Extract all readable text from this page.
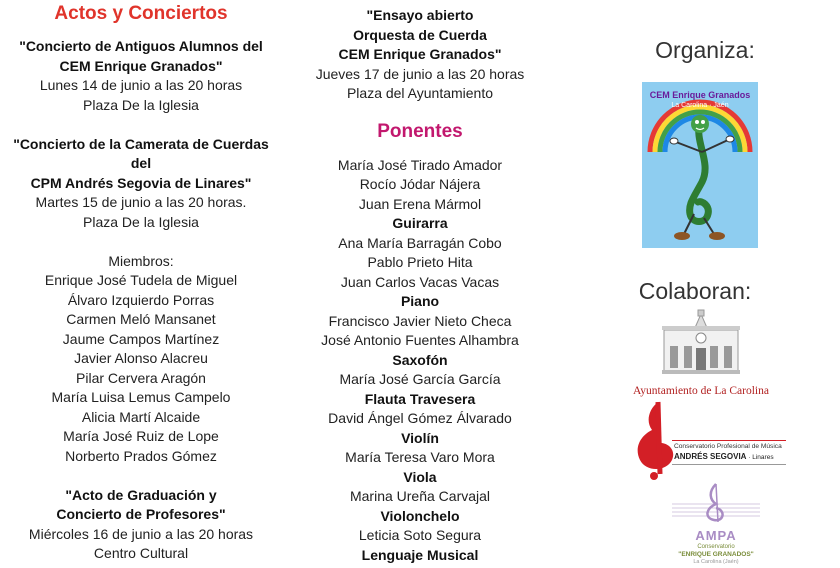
Actos y Conciertos
"Concierto de Antiguos Alumnos del
CEM Enrique Granados"
Lunes 14 de junio a las 20 horas
Plaza De la Iglesia
"Concierto de la Camerata de Cuerdas
del
CPM Andrés Segovia de Linares"
Martes 15 de junio a las 20 horas.
Plaza De la Iglesia
Miembros:
Enrique José Tudela de Miguel
Álvaro Izquierdo Porras
Carmen Meló Mansanet
Jaume Campos Martínez
Javier Alonso Alacreu
Pilar Cervera Aragón
María Luisa Lemus Campelo
Alicia Martí Alcaide
María José Ruiz de Lope
Norberto Prados Gómez
"Acto de Graduación y
Concierto de Profesores"
Miércoles 16 de junio a las 20 horas
Centro Cultural
"Ensayo abierto
Orquesta de Cuerda
CEM Enrique Granados"
Jueves 17 de junio a las 20 horas
Plaza del Ayuntamiento
Ponentes
María José Tirado Amador
Rocío Jódar Nájera
Juan Erena Mármol
Guirarra
Ana María Barragán Cobo
Pablo Prieto Hita
Juan Carlos Vacas Vacas
Piano
Francisco Javier Nieto Checa
José Antonio Fuentes Alhambra
Saxofón
María José García García
Flauta Travesera
David Ángel Gómez Álvarado
Violín
María Teresa Varo Mora
Viola
Marina Ureña Carvajal
Violonchelo
Leticia Soto Segura
Lenguaje Musical
Organiza:
CEM Enrique Granados
La Carolina · Jaén
Colaboran:
Ayuntamiento de La Carolina
Conservatorio Profesional de Música
ANDRÉS SEGOVIA · Linares
AMPA
Conservatorio
"ENRIQUE GRANADOS"
La Carolina (Jaén)
